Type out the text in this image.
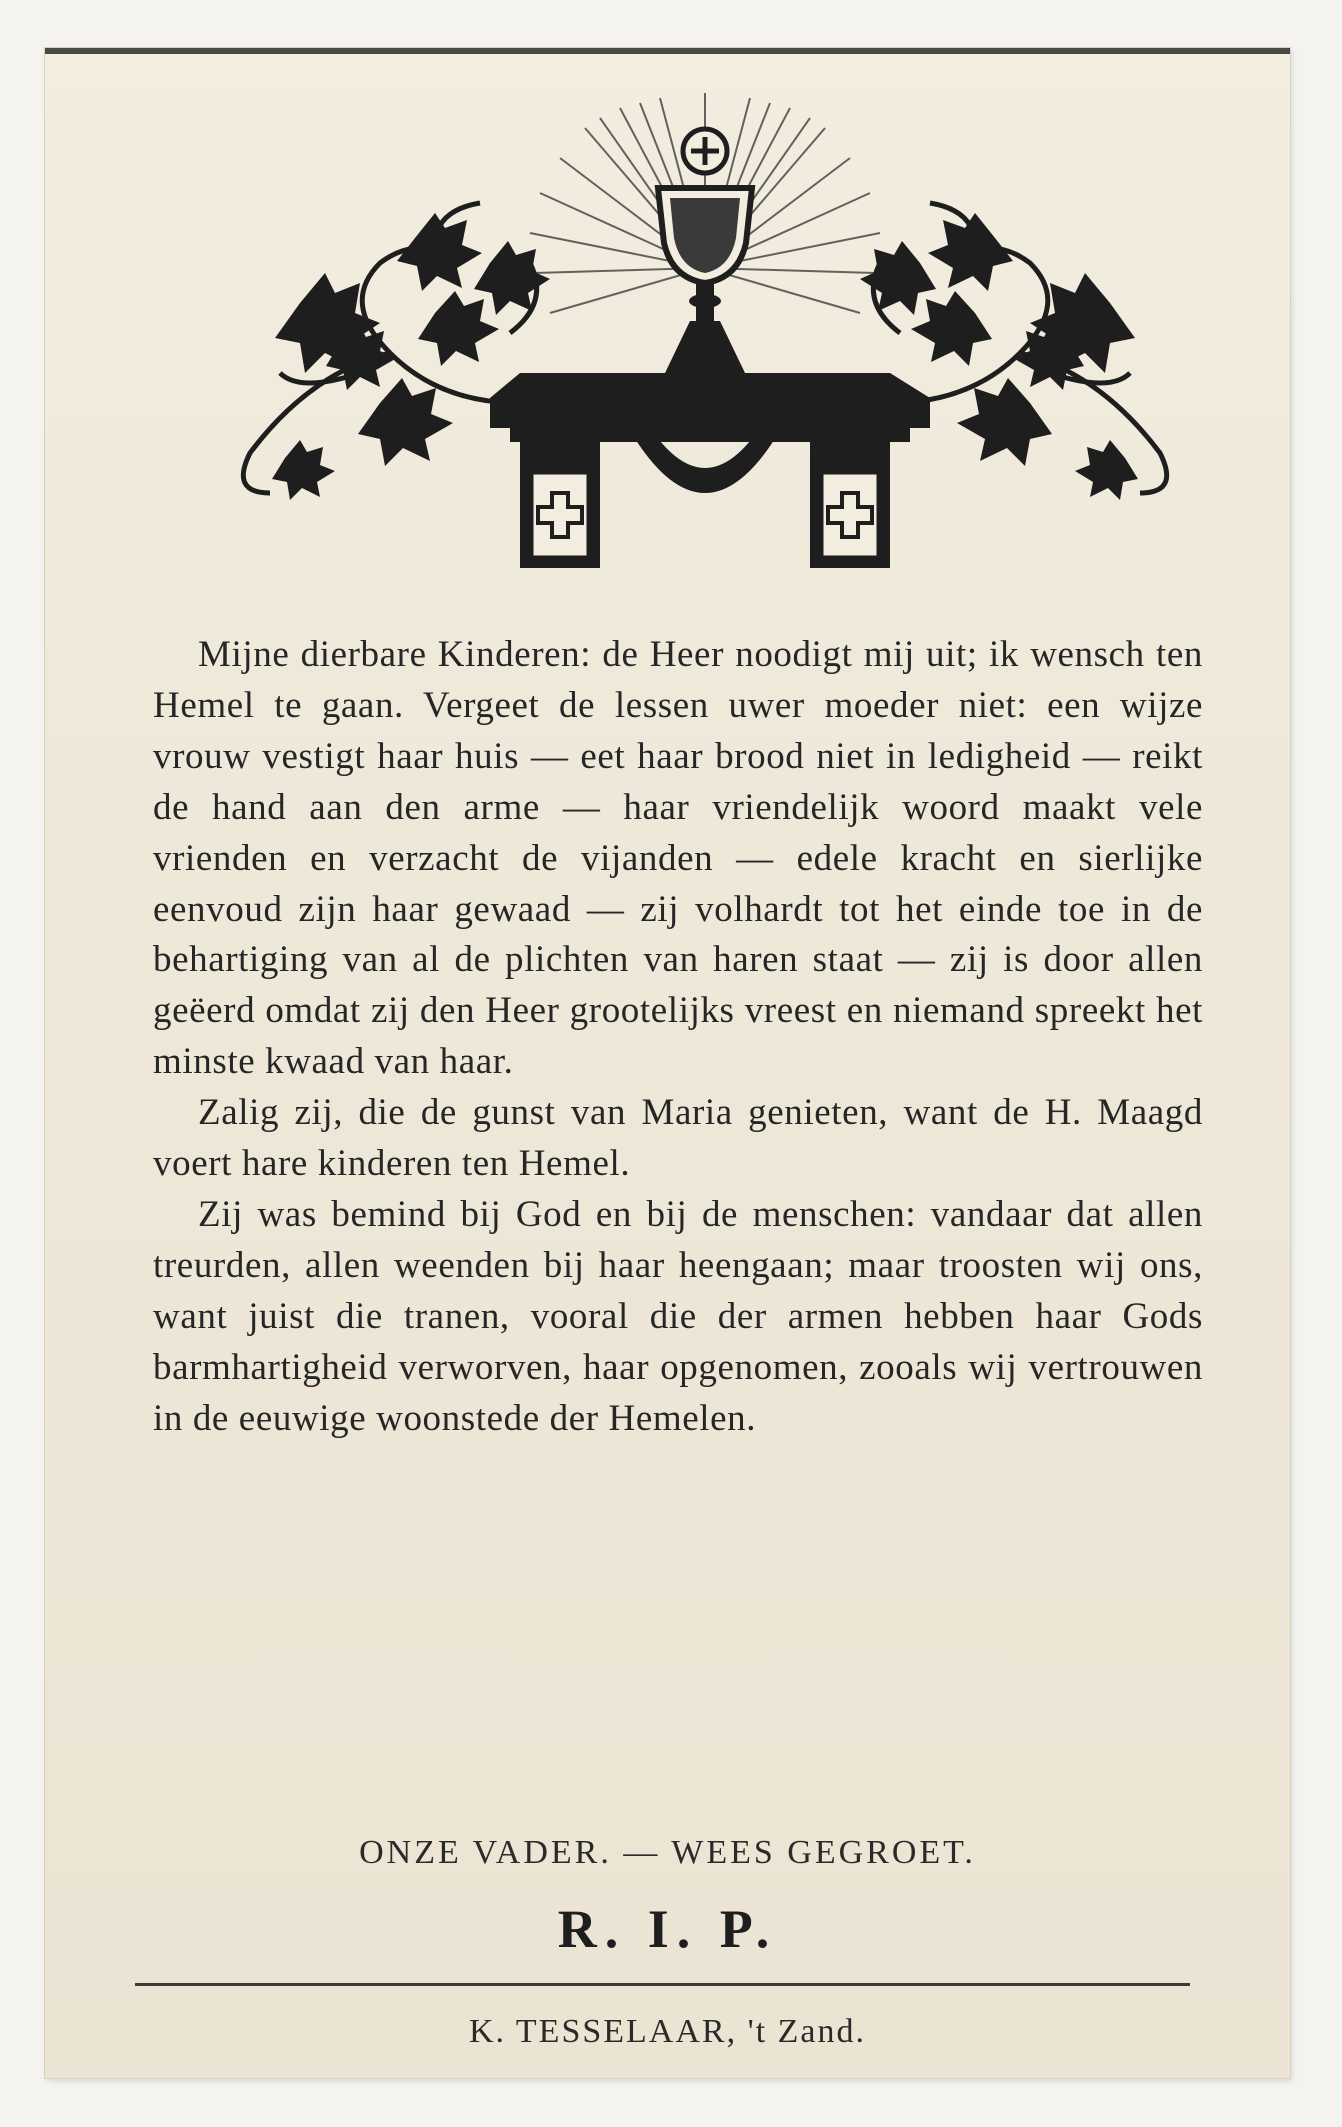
Mijne dierbare Kinderen: de Heer noodigt mij uit; ik wensch ten Hemel te gaan. Vergeet de lessen uwer moeder niet: een wijze vrouw vestigt haar huis — eet haar brood niet in ledigheid — reikt de hand aan den arme — haar vriendelijk woord maakt vele vrienden en verzacht de vijanden — edele kracht en sierlijke eenvoud zijn haar gewaad — zij volhardt tot het einde toe in de behartiging van al de plichten van haren staat — zij is door allen geëerd omdat zij den Heer grootelijks vreest en niemand spreekt het minste kwaad van haar.

Zalig zij, die de gunst van Maria genieten, want de H. Maagd voert hare kinderen ten Hemel.

Zij was bemind bij God en bij de menschen: vandaar dat allen treurden, allen weenden bij haar heengaan; maar troosten wij ons, want juist die tranen, vooral die der armen hebben haar Gods barmhartigheid verworven, haar opgenomen, zooals wij vertrouwen in de eeuwige woonstede der Hemelen.

ONZE VADER. — WEES GEGROET.
R. I. P.
K. TESSELAAR, 't Zand.
